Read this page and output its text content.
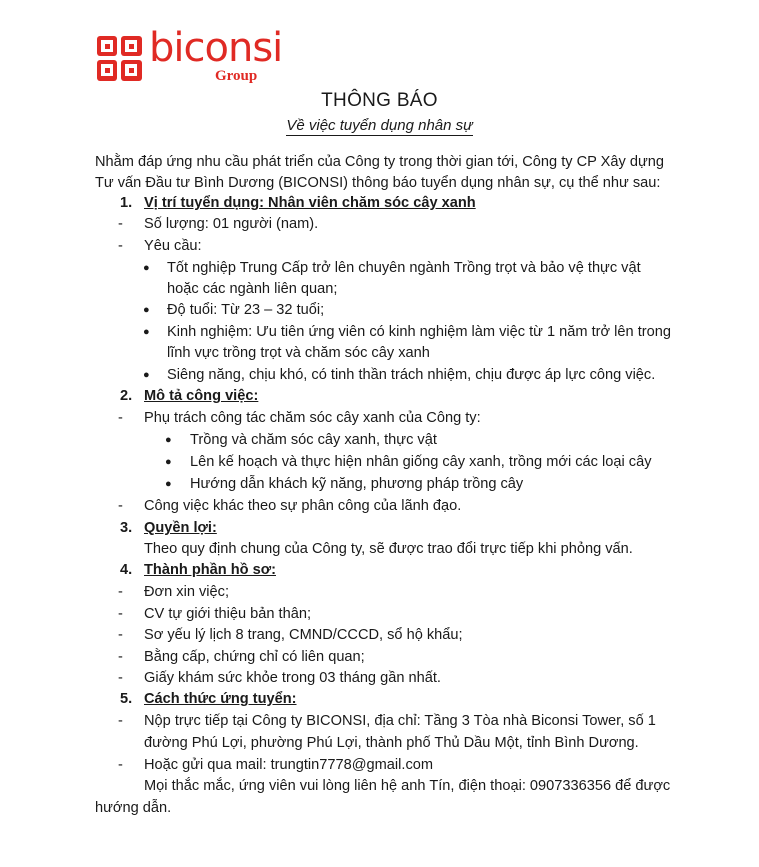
biconsi
Group
THÔNG BÁO
Về việc tuyển dụng nhân sự
Nhằm đáp ứng nhu cầu phát triển của Công ty trong thời gian tới, Công ty CP Xây dựng
Tư vấn Đầu tư Bình Dương (BICONSI) thông báo tuyển dụng nhân sự, cụ thể như sau:
1. Vị trí tuyển dụng: Nhân viên chăm sóc cây xanh
- Số lượng: 01 người (nam).
- Yêu cầu:
● Tốt nghiệp Trung Cấp trở lên chuyên ngành Trồng trọt và bảo vệ thực vật
hoặc các ngành liên quan;
● Độ tuổi: Từ 23 – 32 tuổi;
● Kinh nghiệm: Ưu tiên ứng viên có kinh nghiệm làm việc từ 1 năm trở lên trong
lĩnh vực trồng trọt và chăm sóc cây xanh
● Siêng năng, chịu khó, có tinh thần trách nhiệm, chịu được áp lực công việc.
2. Mô tả công việc:
- Phụ trách công tác chăm sóc cây xanh của Công ty:
● Trồng và chăm sóc cây xanh, thực vật
● Lên kế hoạch và thực hiện nhân giống cây xanh, trồng mới các loại cây
● Hướng dẫn khách kỹ năng, phương pháp trồng cây
- Công việc khác theo sự phân công của lãnh đạo.
3. Quyền lợi:
Theo quy định chung của Công ty, sẽ được trao đổi trực tiếp khi phỏng vấn.
4. Thành phần hồ sơ:
- Đơn xin việc;
- CV tự giới thiệu bản thân;
- Sơ yếu lý lịch 8 trang, CMND/CCCD, sổ hộ khẩu;
- Bằng cấp, chứng chỉ có liên quan;
- Giấy khám sức khỏe trong 03 tháng gần nhất.
5. Cách thức ứng tuyển:
- Nộp trực tiếp tại Công ty BICONSI, địa chỉ: Tầng 3 Tòa nhà Biconsi Tower, số 1
đường Phú Lợi, phường Phú Lợi, thành phố Thủ Dầu Một, tỉnh Bình Dương.
- Hoặc gửi qua mail: trungtin7778@gmail.com
Mọi thắc mắc, ứng viên vui lòng liên hệ anh Tín, điện thoại: 0907336356 để được
hướng dẫn.
